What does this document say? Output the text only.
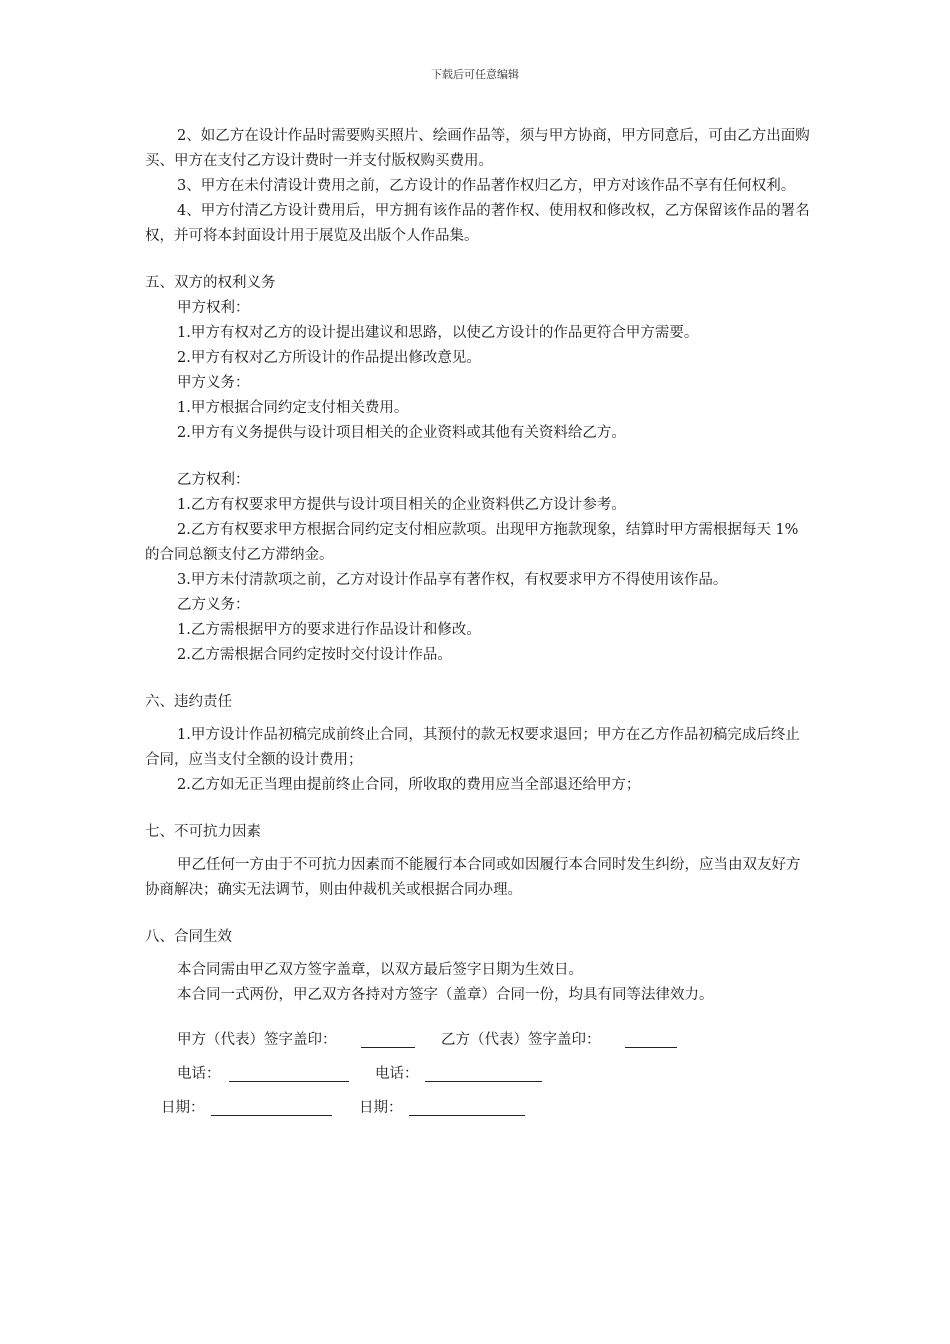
下载后可任意编辑

2、如乙方在设计作品时需要购买照片、绘画作品等，须与甲方协商，甲方同意后，可由乙方出面购买、甲方在支付乙方设计费时一并支付版权购买费用。

3、甲方在未付清设计费用之前，乙方设计的作品著作权归乙方，甲方对该作品不享有任何权利。

4、甲方付清乙方设计费用后，甲方拥有该作品的著作权、使用权和修改权，乙方保留该作品的署名权，并可将本封面设计用于展览及出版个人作品集。

五、双方的权利义务
甲方权利：
1.甲方有权对乙方的设计提出建议和思路，以使乙方设计的作品更符合甲方需要。
2.甲方有权对乙方所设计的作品提出修改意见。
甲方义务：
1.甲方根据合同约定支付相关费用。
2.甲方有义务提供与设计项目相关的企业资料或其他有关资料给乙方。
乙方权利：
1.乙方有权要求甲方提供与设计项目相关的企业资料供乙方设计参考。

2.乙方有权要求甲方根据合同约定支付相应款项。出现甲方拖款现象，结算时甲方需根据每天 1%的合同总额支付乙方滞纳金。

3.甲方未付清款项之前，乙方对设计作品享有著作权，有权要求甲方不得使用该作品。
乙方义务：
1.乙方需根据甲方的要求进行作品设计和修改。
2.乙方需根据合同约定按时交付设计作品。
六、违约责任

1.甲方设计作品初稿完成前终止合同，其预付的款无权要求退回；甲方在乙方作品初稿完成后终止合同，应当支付全额的设计费用；

2.乙方如无正当理由提前终止合同，所收取的费用应当全部退还给甲方；
七、不可抗力因素

甲乙任何一方由于不可抗力因素而不能履行本合同或如因履行本合同时发生纠纷，应当由双友好方协商解决；确实无法调节，则由仲裁机关或根据合同办理。

八、合同生效
本合同需由甲乙双方签字盖章，以双方最后签字日期为生效日。
本合同一式两份，甲乙双方各持对方签字（盖章）合同一份，均具有同等法律效力。
甲方（代表）签字盖印：	乙方（代表）签字盖印：
电话：	电话：
日期：	日期：
